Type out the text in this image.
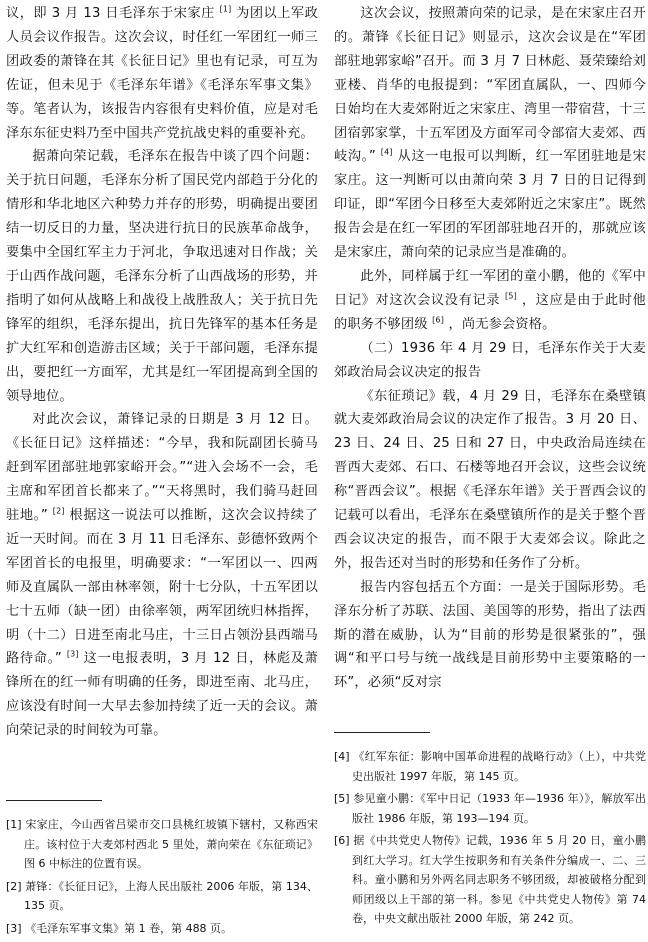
议，即 3 月 13 日毛泽东于宋家庄 [1] 为团以上军政人员会议作报告。这次会议，时任红一军团红一师三团政委的萧锋在其《长征日记》里也有记录，可互为佐证，但未见于《毛泽东年谱》《毛泽东军事文集》等。笔者认为，该报告内容很有史料价值，应是对毛泽东东征史料乃至中国共产党抗战史料的重要补充。

据萧向荣记载，毛泽东在报告中谈了四个问题：关于抗日问题，毛泽东分析了国民党内部趋于分化的情形和华北地区六种势力并存的形势，明确提出要团结一切反日的力量，坚决进行抗日的民族革命战争，要集中全国红军主力于河北，争取迅速对日作战；关于山西作战问题，毛泽东分析了山西战场的形势，并指明了如何从战略上和战役上战胜敌人；关于抗日先锋军的组织，毛泽东提出，抗日先锋军的基本任务是扩大红军和创造游击区域；关于干部问题，毛泽东提出，要把红一方面军，尤其是红一军团提高到全国的领导地位。

对此次会议，萧锋记录的日期是 3 月 12 日。《长征日记》这样描述：“今早，我和阮副团长骑马赶到军团部驻地郭家峪开会。”“进入会场不一会，毛主席和军团首长都来了。”“天将黑时，我们骑马赶回驻地。” [2] 根据这一说法可以推断，这次会议持续了近一天时间。而在 3 月 11 日毛泽东、彭德怀致两个军团首长的电报里，明确要求：“一军团以一、四两师及直属队一部由林率领，附十七分队，十五军团以七十五师（缺一团）由徐率领，两军团统归林指挥，明（十二）日进至南北马庄，十三日占领汾县西端马路待命。” [3] 这一电报表明，3 月 12 日，林彪及萧锋所在的红一师有明确的任务，即进至南、北马庄，应该没有时间一大早去参加持续了近一天的会议。萧向荣记录的时间较为可靠。

这次会议，按照萧向荣的记录，是在宋家庄召开的。萧锋《长征日记》则显示，这次会议是在“军团部驻地郭家峪”召开。而 3 月 7 日林彪、聂荣臻给刘亚楼、肖华的电报提到：“军团直属队，一、四师今日始均在大麦郊附近之宋家庄、湾里一带宿营，十三团宿郭家掌，十五军团及方面军司令部宿大麦郊、西岐沟。” [4] 从这一电报可以判断，红一军团驻地是宋家庄。这一判断可以由萧向荣 3 月 7 日的日记得到印证，即“军团今日移至大麦郊附近之宋家庄”。既然报告会是在红一军团的军团部驻地召开的，那就应该是宋家庄，萧向荣的记录应当是准确的。

此外，同样属于红一军团的童小鹏，他的《军中日记》对这次会议没有记录 [5] ，这应是由于此时他的职务不够团级 [6] ，尚无参会资格。

（二）1936 年 4 月 29 日，毛泽东作关于大麦郊政治局会议决定的报告

《东征琐记》载，4 月 29 日，毛泽东在桑壁镇就大麦郊政治局会议的决定作了报告。3 月 20 日、23 日、24 日、25 日和 27 日，中央政治局连续在晋西大麦郊、石口、石楼等地召开会议，这些会议统称“晋西会议”。根据《毛泽东年谱》关于晋西会议的记载可以看出，毛泽东在桑壁镇所作的是关于整个晋西会议决定的报告，而不限于大麦郊会议。除此之外，报告还对当时的形势和任务作了分析。

报告内容包括五个方面：一是关于国际形势。毛泽东分析了苏联、法国、美国等的形势，指出了法西斯的潜在威胁，认为“目前的形势是很紧张的”，强调“和平口号与统一战线是目前形势中主要策略的一环”，必须“反对宗

[1] 宋家庄，今山西省吕梁市交口县桃红坡镇下辖村，又称西宋庄。该村位于大麦郊村西北 5 里处，萧向荣在《东征琐记》图 6 中标注的位置有误。

[2] 萧锋：《长征日记》，上海人民出版社 2006 年版，第 134、135 页。

[3] 《毛泽东军事文集》第 1 卷，第 488 页。

[4] 《红军东征：影响中国革命进程的战略行动》（上），中共党史出版社 1997 年版，第 145 页。

[5] 参见童小鹏：《军中日记（1933 年—1936 年）》，解放军出版社 1986 年版，第 193—194 页。

[6] 据《中共党史人物传》记载，1936 年 5 月 20 日，童小鹏到红大学习。红大学生按职务和有关条件分编成一、二、三科。童小鹏和另外两名同志职务不够团级，却被破格分配到师团级以上干部的第一科。参见《中共党史人物传》第 74 卷，中央文献出版社 2000 年版，第 242 页。
